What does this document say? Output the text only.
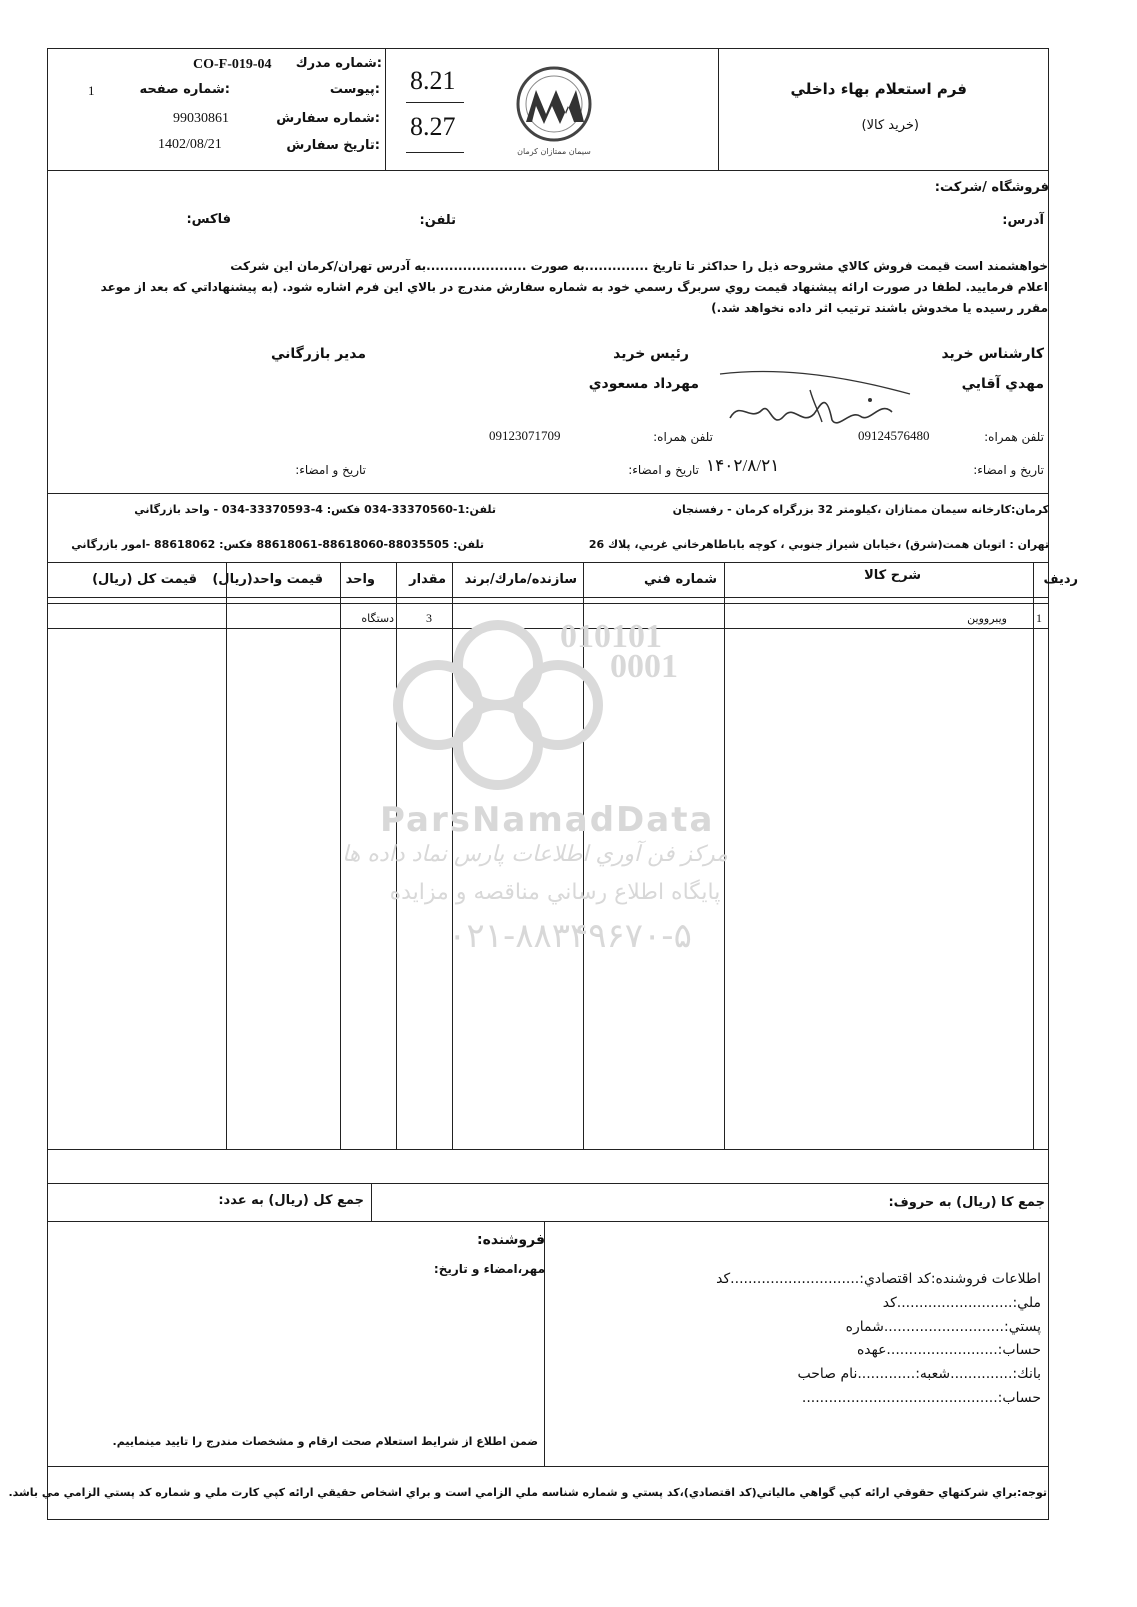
فرم استعلام بهاء داخلي
(خريد كالا)
سيمان ممتازان كرمان
8.21
8.27
شماره مدرك:
CO-F-019-04
شماره صفحه:
1	پيوست:
شماره سفارش:
99030861
تاريخ سفارش:
1402/08/21
فروشگاه /شركت:
آدرس:
تلفن:
فاكس:
خواهشمند است قيمت فروش كالاي مشروحه ذيل را حداكثر تا تاريخ ..............به صورت ......................به آدرس تهران/كرمان اين شركت
اعلام فرماييد. لطفا در صورت ارائه پيشنهاد قيمت روي سربرگ رسمي خود به شماره سفارش مندرج در بالاي اين فرم اشاره شود. (به پيشنهاداتي كه بعد از موعد
مقرر رسيده يا مخدوش باشند ترتيب اثر داده نخواهد شد.)
كارشناس خريد
مهدي آقايي
تلفن همراه:
09124576480
تاريخ و امضاء:
۱۴۰۲/۸/۲۱
رئيس خريد
مهرداد مسعودي
تلفن همراه:
09123071709
تاريخ و امضاء:
مدير بازرگاني
تاريخ و امضاء:
كرمان:كارخانه سيمان ممتازان ،كيلومتر 32 بزرگراه كرمان - رفسنجان
تلفن:1-33370560-034 فكس: 4-33370593-034 - واحد بازرگاني
تهران : اتوبان همت(شرق) ،خيابان شيراز جنوبي ، كوچه باباطاهرخاني غربي، پلاك 26
تلفن: 88035505-88618060-88618061 فكس: 88618062 -امور بازرگاني
رديف
شرح كالا
شماره فني
سازنده/مارك/برند
مقدار
واحد
قيمت واحد(ريال)
قيمت كل (ريال)
1
ويبرووين
3
دستگاه	010101
0001
ParsNamadData
مركز فن آوري اطلاعات پارس نماد داده ها
پايگاه اطلاع رساني مناقصه و مزايده
۰۲۱-۸۸۳۴۹۶۷۰-۵
جمع كا (ريال) به حروف:
جمع كل (ريال) به عدد:
اطلاعات فروشنده:كد اقتصادي:.............................كد
ملي:..........................كد
پستي:...........................شماره
حساب:.........................عهده
بانك:..............شعبه:.............نام صاحب
حساب:............................................
فروشنده:
مهر،امضاء و تاريخ:
ضمن اطلاع از شرايط استعلام صحت ارقام و مشخصات مندرج را تاييد مينماييم.
توجه:براي شركتهاي حقوقي ارائه كپي گواهي مالياتي(كد اقتصادي)،كد پستي و شماره شناسه ملي الزامي است و براي اشخاص حقيقي ارائه كپي كارت ملي و شماره كد پستي الزامي مي باشد.
